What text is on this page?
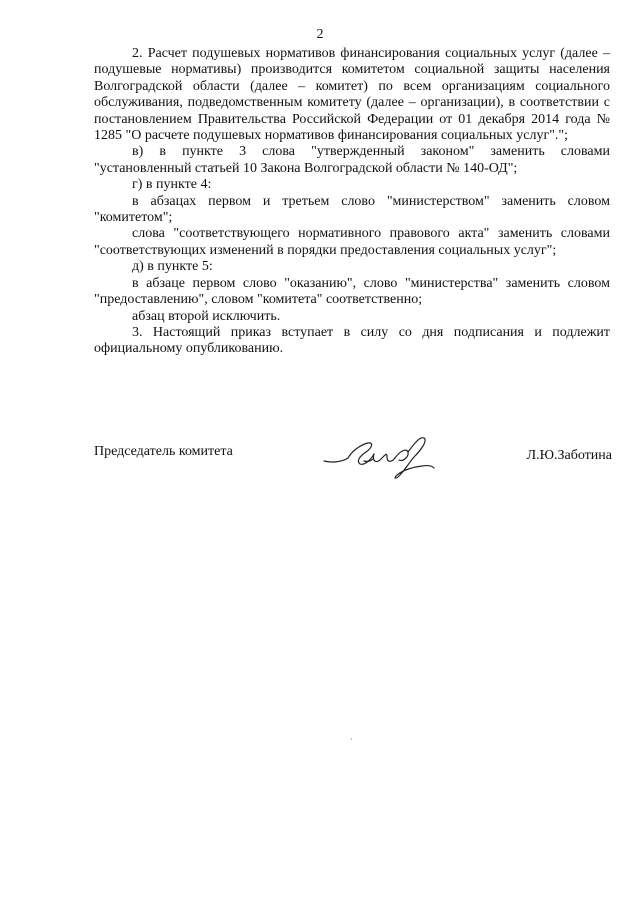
2

2. Расчет подушевых нормативов финансирования социальных услуг (далее – подушевые нормативы) производится комитетом социальной защиты населения Волгоградской области (далее – комитет) по всем организациям социального обслуживания, подведомственным комитету (далее – организации), в соответствии с постановлением Правительства Российской Федерации от 01 декабря 2014 года № 1285 "О расчете подушевых нормативов финансирования социальных услуг".";

в) в пункте 3 слова "утвержденный законом" заменить словами "установленный статьей 10 Закона Волгоградской области № 140-ОД";

г) в пункте 4:

в абзацах первом и третьем слово "министерством" заменить словом "комитетом";

слова "соответствующего нормативного правового акта" заменить словами "соответствующих изменений в порядки предоставления социальных услуг";

д) в пункте 5:

в абзаце первом слово "оказанию", слово "министерства" заменить словом "предоставлению", словом "комитета" соответственно;

абзац второй исключить.

3. Настоящий приказ вступает в силу со дня подписания и подлежит официальному опубликованию.

Председатель комитета	Л.Ю.Заботина
